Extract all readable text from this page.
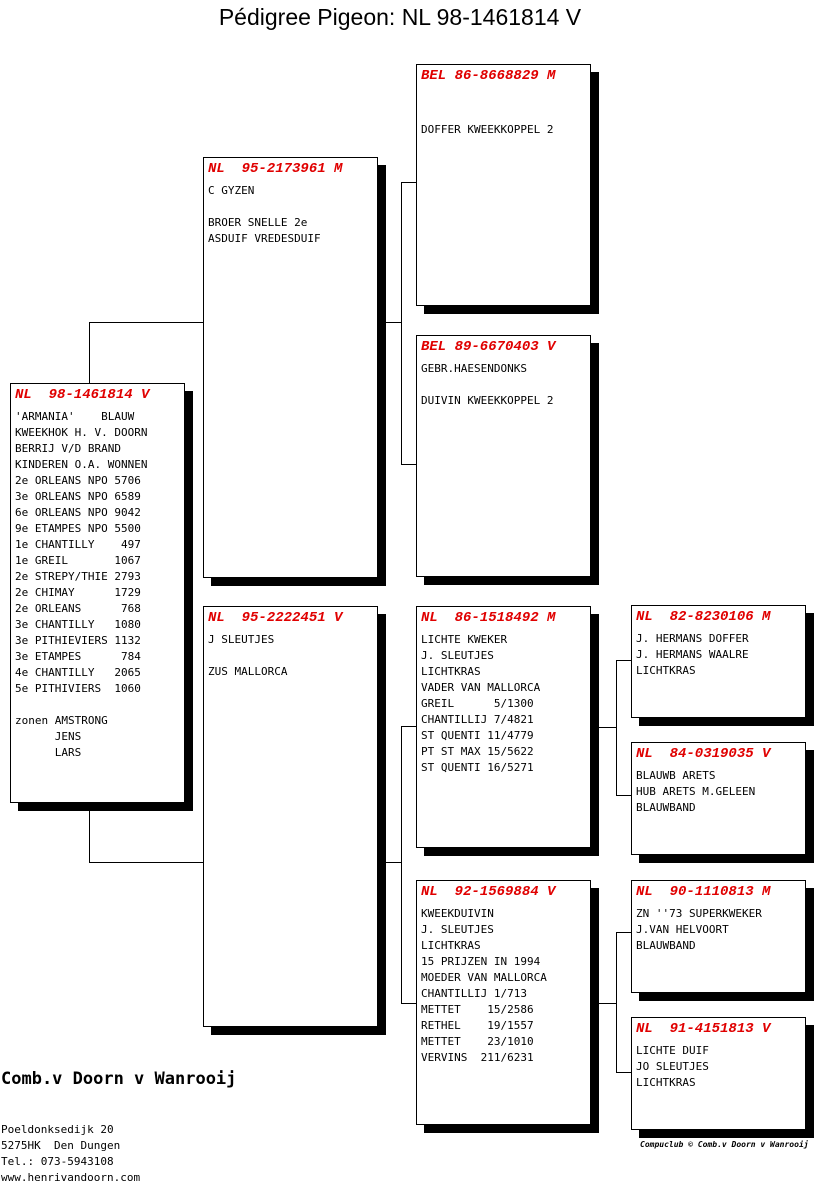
Pédigree Pigeon: NL 98-1461814 V
NL  98-1461814 V
'ARMANIA'    BLAUW
KWEEKHOK H. V. DOORN
BERRIJ V/D BRAND
KINDEREN O.A. WONNEN
2e ORLEANS NPO 5706
3e ORLEANS NPO 6589
6e ORLEANS NPO 9042
9e ETAMPES NPO 5500
1e CHANTILLY    497
1e GREIL       1067
2e STREPY/THIE 2793
2e CHIMAY      1729
2e ORLEANS      768
3e CHANTILLY   1080
3e PITHIEVIERS 1132
3e ETAMPES      784
4e CHANTILLY   2065
5e PITHIVIERS  1060

zonen AMSTRONG
JENS
LARS
NL  95-2173961 M
C GYZEN

BROER SNELLE 2e
ASDUIF VREDESDUIF
NL  95-2222451 V
J SLEUTJES

ZUS MALLORCA
BEL 86-8668829 M

DOFFER KWEEKKOPPEL 2
BEL 89-6670403 V
GEBR.HAESENDONKS

DUIVIN KWEEKKOPPEL 2
NL  86-1518492 M
LICHTE KWEKER
J. SLEUTJES
LICHTKRAS
VADER VAN MALLORCA
GREIL      5/1300
CHANTILLIJ 7/4821
ST QUENTI 11/4779
PT ST MAX 15/5622
ST QUENTI 16/5271
NL  92-1569884 V
KWEEKDUIVIN
J. SLEUTJES
LICHTKRAS
15 PRIJZEN IN 1994
MOEDER VAN MALLORCA
CHANTILLIJ 1/713
METTET    15/2586
RETHEL    19/1557
METTET    23/1010
VERVINS  211/6231
NL  82-8230106 M
J. HERMANS DOFFER
J. HERMANS WAALRE
LICHTKRAS
NL  84-0319035 V
BLAUWB ARETS
HUB ARETS M.GELEEN
BLAUWBAND
NL  90-1110813 M
ZN ''73 SUPERKWEKER
J.VAN HELVOORT
BLAUWBAND
NL  91-4151813 V
LICHTE DUIF
JO SLEUTJES
LICHTKRAS

Comb.v Doorn v Wanrooij

Poeldonksedijk 20
5275HK  Den Dungen
Tel.: 073-5943108
www.henrivandoorn.com

Compuclub © Comb.v Doorn v Wanrooij
